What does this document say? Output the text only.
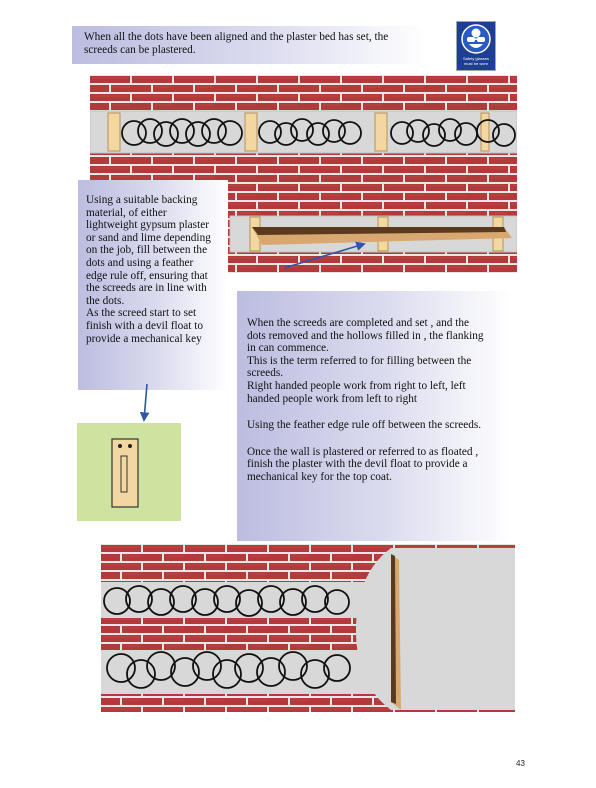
When all the dots have been aligned and the plaster bed has set, the
screeds can be plastered.
Safety glasses
must be worn
Using a suitable backing
material, of either
lightweight gypsum plaster
or sand and lime depending
on the job, fill between the
dots and using a feather
edge rule off, ensuring that
the screeds are in line with
the dots.
As the screed start to set
finish with a devil float to
provide a mechanical key
When the screeds are completed and set , and the
dots removed and the hollows filled in , the flanking
in can commence.
This is the term referred to for filling between the
screeds.
Right handed people work from right to left, left
handed people work from left to right
Using the feather edge rule off between the screeds.
Once the wall is plastered or referred to as floated ,
finish the plaster with the devil float to provide a
mechanical key for the top coat.
43
